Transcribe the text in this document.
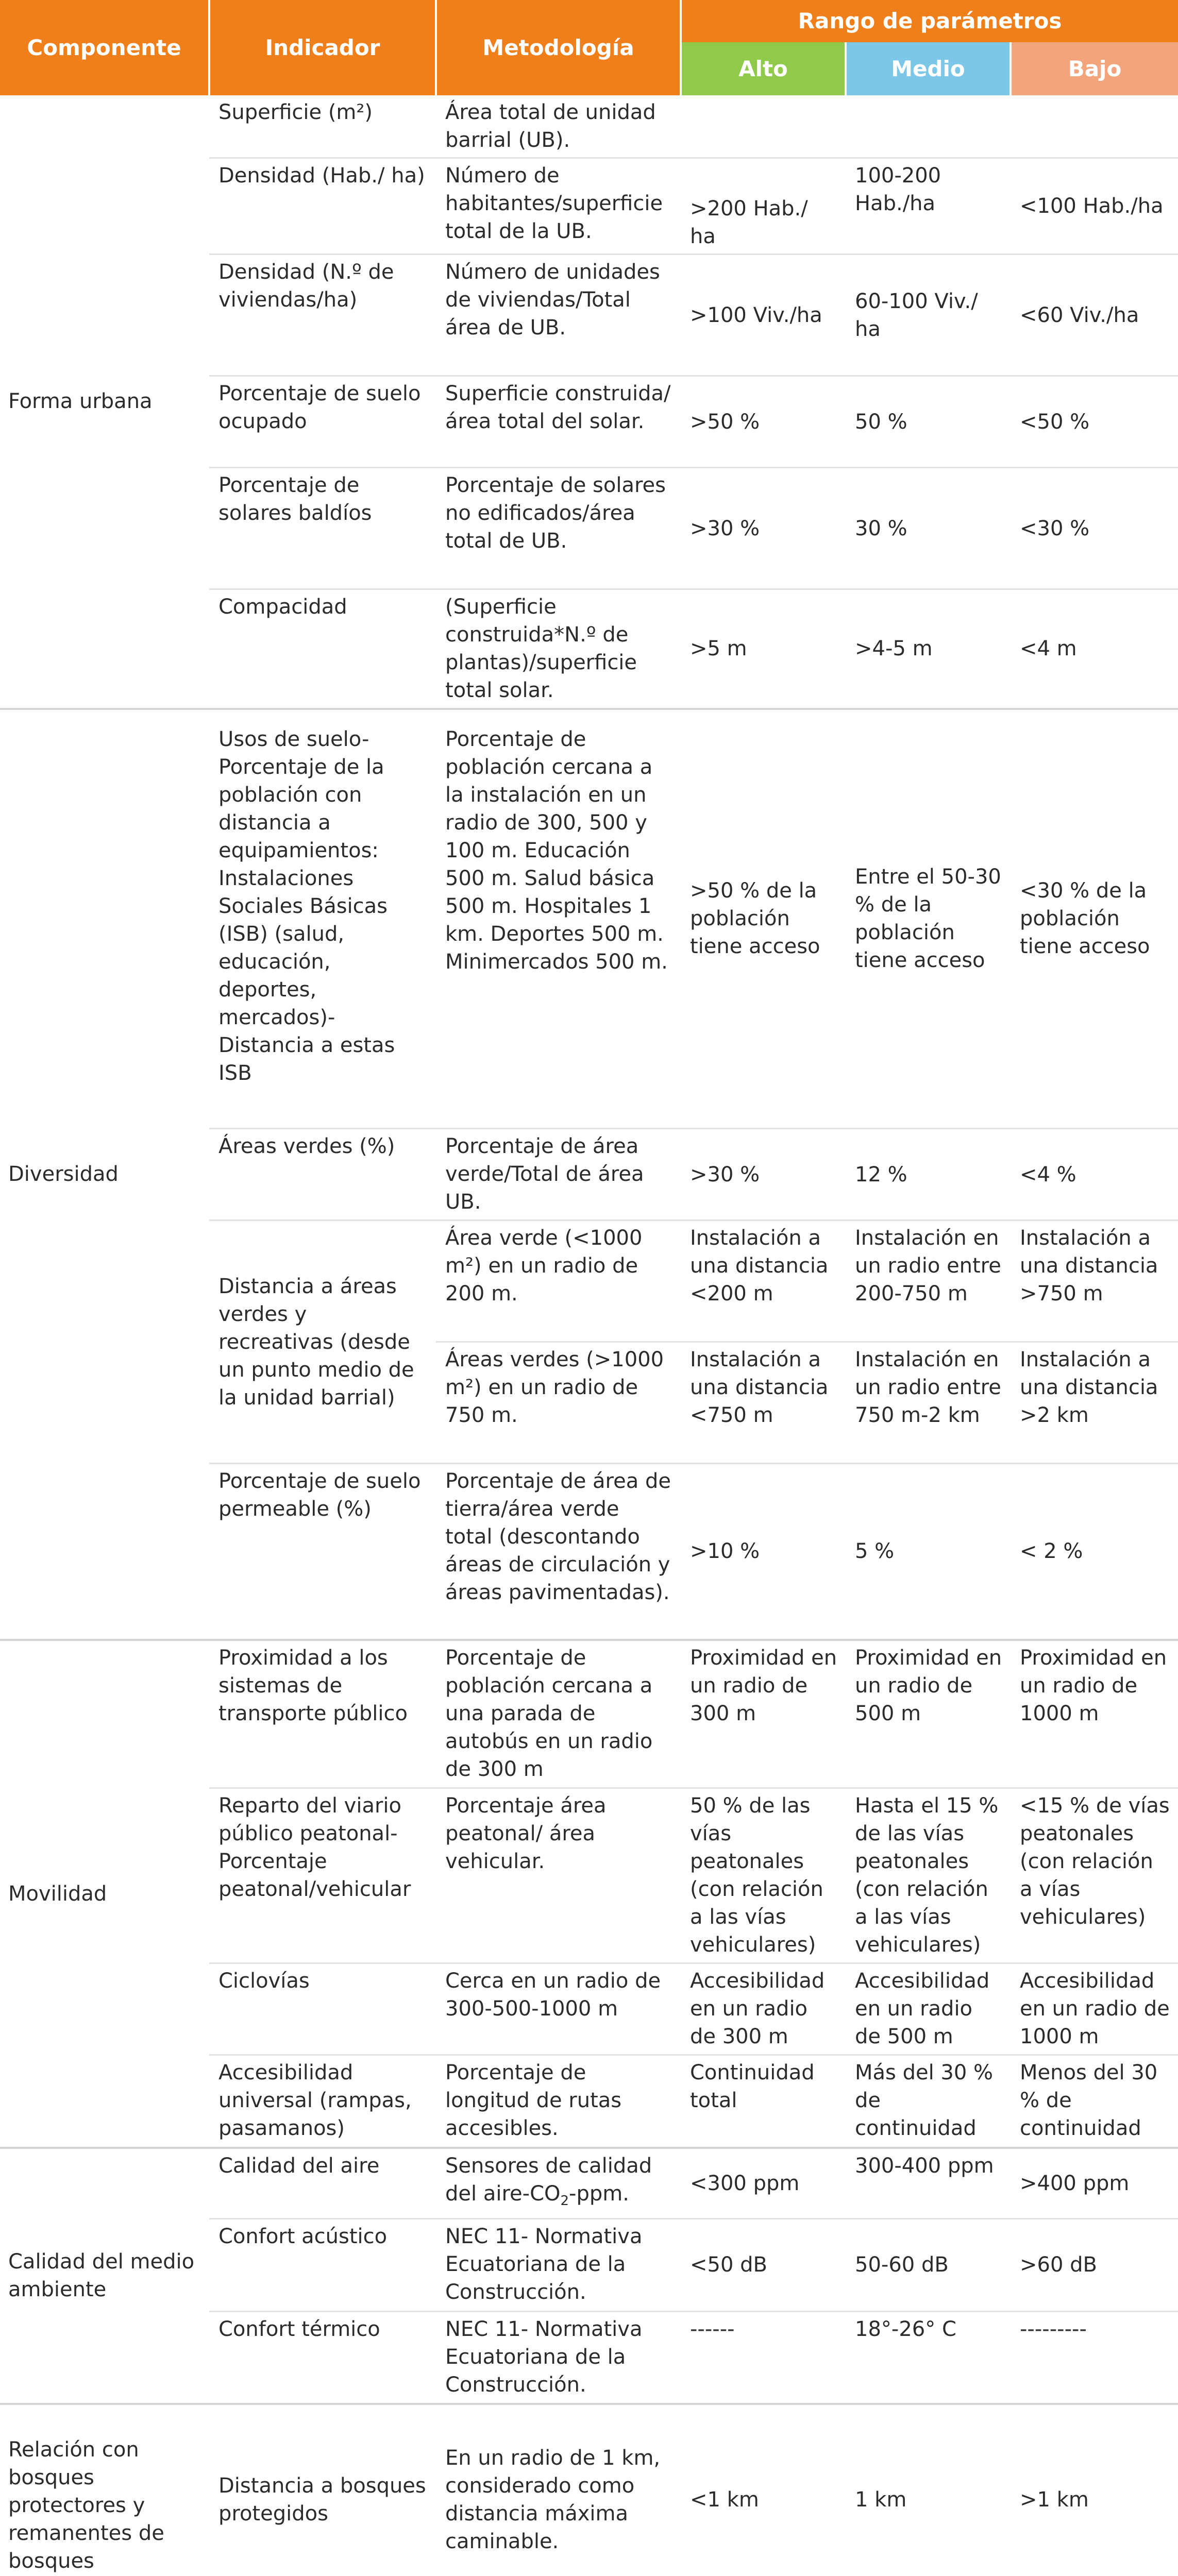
Componente	Indicador	Metodología	Rango de parámetros		
			Alto	Medio	Bajo
Forma urbana	Superficie (m²)	Área total de unidad barrial (UB).			
	Densidad (Hab./ ha)	Número de habitantes/superficie total de la UB.	>200 Hab./ ha	100-200 Hab./ha	<100 Hab./ha
	Densidad (N.º de viviendas/ha)	Número de unidades de viviendas/Total área de UB.	>100 Viv./ha	60-100 Viv./ ha	<60 Viv./ha
	Porcentaje de suelo ocupado	Superficie construida/área total del solar.	>50 %	50 %	<50 %
	Porcentaje de solares baldíos	Porcentaje de solares no edificados/área total de UB.	>30 %	30 %	<30 %
	Compacidad	(Superficie construida*N.º de plantas)/superficie total solar.	>5 m	>4-5 m	<4 m
Diversidad	Usos de suelo-Porcentaje de la población con distancia a equipamientos: Instalaciones Sociales Básicas (ISB) (salud, educación, deportes, mercados)-Distancia a estas ISB	Porcentaje de población cercana a la instalación en un radio de 300, 500 y 100 m. Educación 500 m. Salud básica 500 m. Hospitales 1 km. Deportes 500 m. Minimercados 500 m.	>50 % de la población tiene acceso	Entre el 50-30 % de la población tiene acceso	<30 % de la población tiene acceso
	Áreas verdes (%)	Porcentaje de área verde/Total de área UB.	>30 %	12 %	<4 %
	Distancia a áreas verdes y recreativas (desde un punto medio de la unidad barrial)	Área verde (<1000 m²) en un radio de 200 m.	Instalación a una distancia <200 m	Instalación en un radio entre 200-750 m	Instalación a una distancia >750 m
		Áreas verdes (>1000 m²) en un radio de 750 m.	Instalación a una distancia <750 m	Instalación en un radio entre 750 m-2 km	Instalación a una distancia >2 km
	Porcentaje de suelo permeable (%)	Porcentaje de área de tierra/área verde total (descontando áreas de circulación y áreas pavimentadas).	>10 %	5 %	< 2 %
Movilidad	Proximidad a los sistemas de transporte público	Porcentaje de población cercana a una parada de autobús en un radio de 300 m	Proximidad en un radio de 300 m	Proximidad en un radio de 500 m	Proximidad en un radio de 1000 m
	Reparto del viario público peatonal-Porcentaje peatonal/vehicular	Porcentaje área peatonal/ área vehicular.	50 % de las vías peatonales (con relación a las vías vehiculares)	Hasta el 15 % de las vías peatonales (con relación a las vías vehiculares)	<15 % de vías peatonales (con relación a vías vehiculares)
	Ciclovías	Cerca en un radio de 300-500-1000 m	Accesibilidad en un radio de 300 m	Accesibilidad en un radio de 500 m	Accesibilidad en un radio de 1000 m
	Accesibilidad universal (rampas, pasamanos)	Porcentaje de longitud de rutas accesibles.	Continuidad total	Más del 30 % de continuidad	Menos del 30 % de continuidad
Calidad del medio ambiente	Calidad del aire	Sensores de calidad del aire-$CO_2$-ppm.	<300 ppm	300-400 ppm	>400 ppm
	Confort acústico	NEC 11- Normativa Ecuatoriana de la Construcción.	<50 dB	50-60 dB	>60 dB
	Confort térmico	NEC 11- Normativa Ecuatoriana de la Construcción.	------	18°-26° C	---------
Relación con bosques protectores y remanentes de bosques	Distancia a bosques protegidos	En un radio de 1 km, considerado como distancia máxima caminable.	<1 km	1 km	>1 km
